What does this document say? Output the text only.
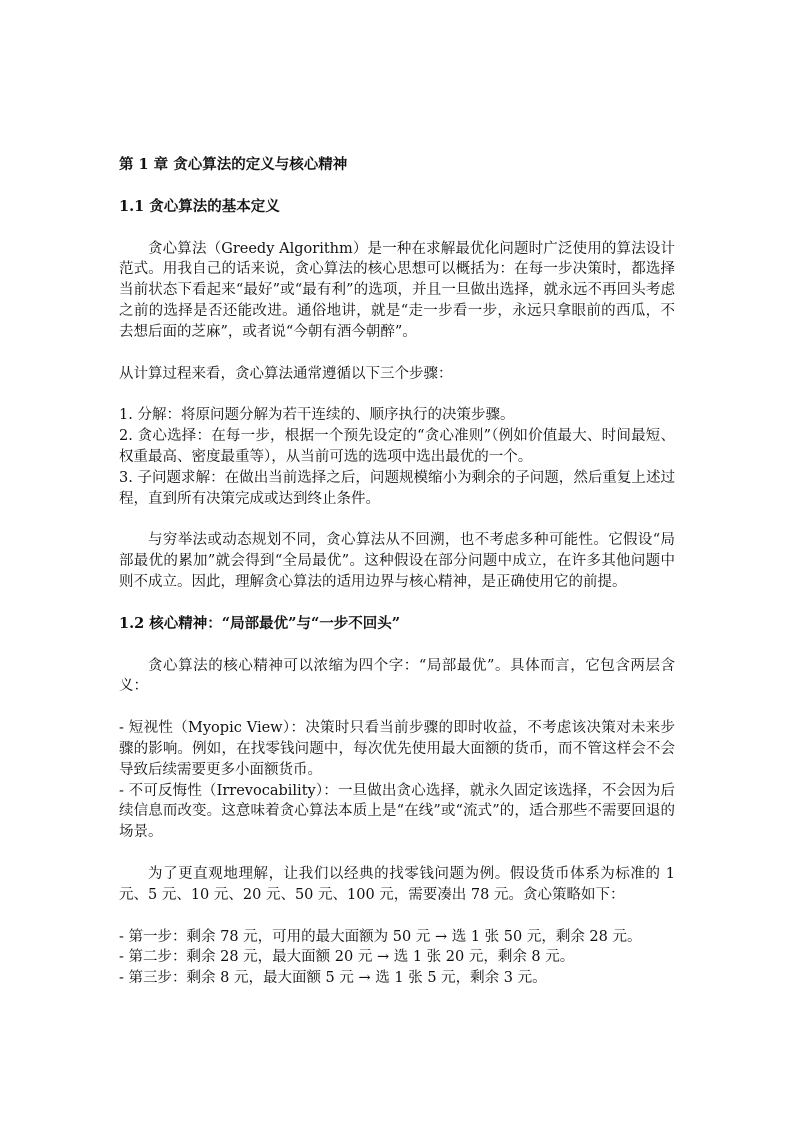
第 1 章 贪心算法的定义与核心精神

1.1 贪心算法的基本定义

贪心算法（Greedy Algorithm）是一种在求解最优化问题时广泛使用的算法设计范式。用我自己的话来说，贪心算法的核心思想可以概括为：在每一步决策时，都选择当前状态下看起来“最好”或“最有利”的选项，并且一旦做出选择，就永远不再回头考虑之前的选择是否还能改进。通俗地讲，就是“走一步看一步，永远只拿眼前的西瓜，不去想后面的芝麻”，或者说“今朝有酒今朝醉”。

从计算过程来看，贪心算法通常遵循以下三个步骤：

1. 分解：将原问题分解为若干连续的、顺序执行的决策步骤。

2. 贪心选择：在每一步，根据一个预先设定的“贪心准则”（例如价值最大、时间最短、权重最高、密度最重等），从当前可选的选项中选出最优的一个。

3. 子问题求解：在做出当前选择之后，问题规模缩小为剩余的子问题，然后重复上述过程，直到所有决策完成或达到终止条件。

与穷举法或动态规划不同，贪心算法从不回溯，也不考虑多种可能性。它假设“局部最优的累加”就会得到“全局最优”。这种假设在部分问题中成立，在许多其他问题中则不成立。因此，理解贪心算法的适用边界与核心精神，是正确使用它的前提。

1.2 核心精神：“局部最优”与“一步不回头”

贪心算法的核心精神可以浓缩为四个字：“局部最优”。具体而言，它包含两层含义：

- 短视性（Myopic View）：决策时只看当前步骤的即时收益，不考虑该决策对未来步骤的影响。例如，在找零钱问题中，每次优先使用最大面额的货币，而不管这样会不会导致后续需要更多小面额货币。

- 不可反悔性（Irrevocability）：一旦做出贪心选择，就永久固定该选择，不会因为后续信息而改变。这意味着贪心算法本质上是“在线”或“流式”的，适合那些不需要回退的场景。

为了更直观地理解，让我们以经典的找零钱问题为例。假设货币体系为标准的 1 元、5 元、10 元、20 元、50 元、100 元，需要凑出 78 元。贪心策略如下：

- 第一步：剩余 78 元，可用的最大面额为 50 元 → 选 1 张 50 元，剩余 28 元。

- 第二步：剩余 28 元，最大面额 20 元 → 选 1 张 20 元，剩余 8 元。

- 第三步：剩余 8 元，最大面额 5 元 → 选 1 张 5 元，剩余 3 元。
